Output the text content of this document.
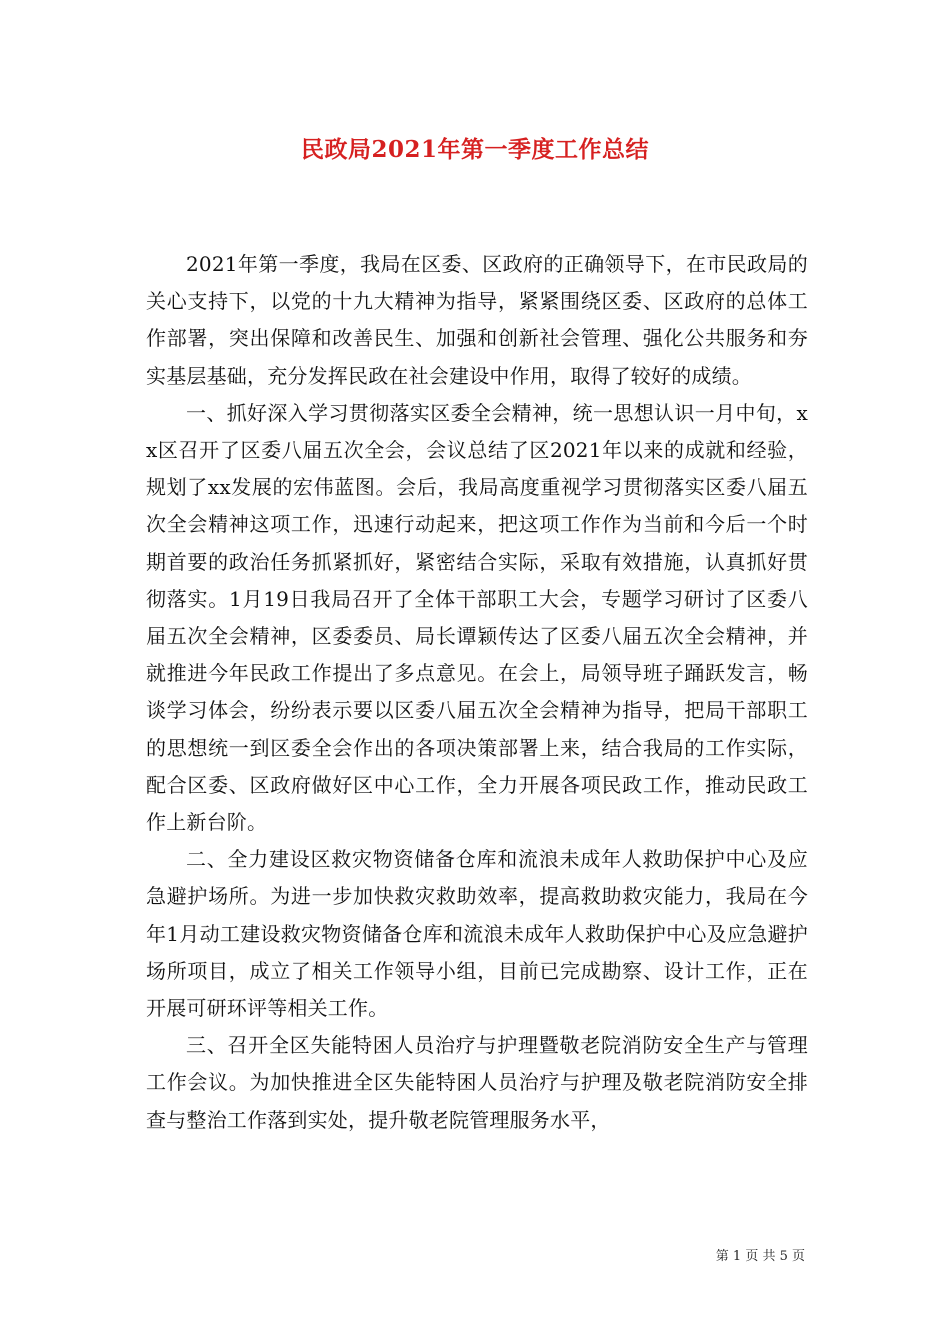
民政局2021年第一季度工作总结

2021年第一季度，我局在区委、区政府的正确领导下，在市民政局的关心支持下，以党的十九大精神为指导，紧紧围绕区委、区政府的总体工作部署，突出保障和改善民生、加强和创新社会管理、强化公共服务和夯实基层基础，充分发挥民政在社会建设中作用，取得了较好的成绩。

一、抓好深入学习贯彻落实区委全会精神，统一思想认识一月中旬，xx区召开了区委八届五次全会，会议总结了区2021年以来的成就和经验，规划了xx发展的宏伟蓝图。会后，我局高度重视学习贯彻落实区委八届五次全会精神这项工作，迅速行动起来，把这项工作作为当前和今后一个时期首要的政治任务抓紧抓好，紧密结合实际，采取有效措施，认真抓好贯彻落实。1月19日我局召开了全体干部职工大会，专题学习研讨了区委八届五次全会精神，区委委员、局长谭颖传达了区委八届五次全会精神，并就推进今年民政工作提出了多点意见。在会上，局领导班子踊跃发言，畅谈学习体会，纷纷表示要以区委八届五次全会精神为指导，把局干部职工的思想统一到区委全会作出的各项决策部署上来，结合我局的工作实际，配合区委、区政府做好区中心工作，全力开展各项民政工作，推动民政工作上新台阶。

二、全力建设区救灾物资储备仓库和流浪未成年人救助保护中心及应急避护场所。为进一步加快救灾救助效率，提高救助救灾能力，我局在今年1月动工建设救灾物资储备仓库和流浪未成年人救助保护中心及应急避护场所项目，成立了相关工作领导小组，目前已完成勘察、设计工作，正在开展可研环评等相关工作。

三、召开全区失能特困人员治疗与护理暨敬老院消防安全生产与管理工作会议。为加快推进全区失能特困人员治疗与护理及敬老院消防安全排查与整治工作落到实处，提升敬老院管理服务水平，

第 1 页 共 5 页
